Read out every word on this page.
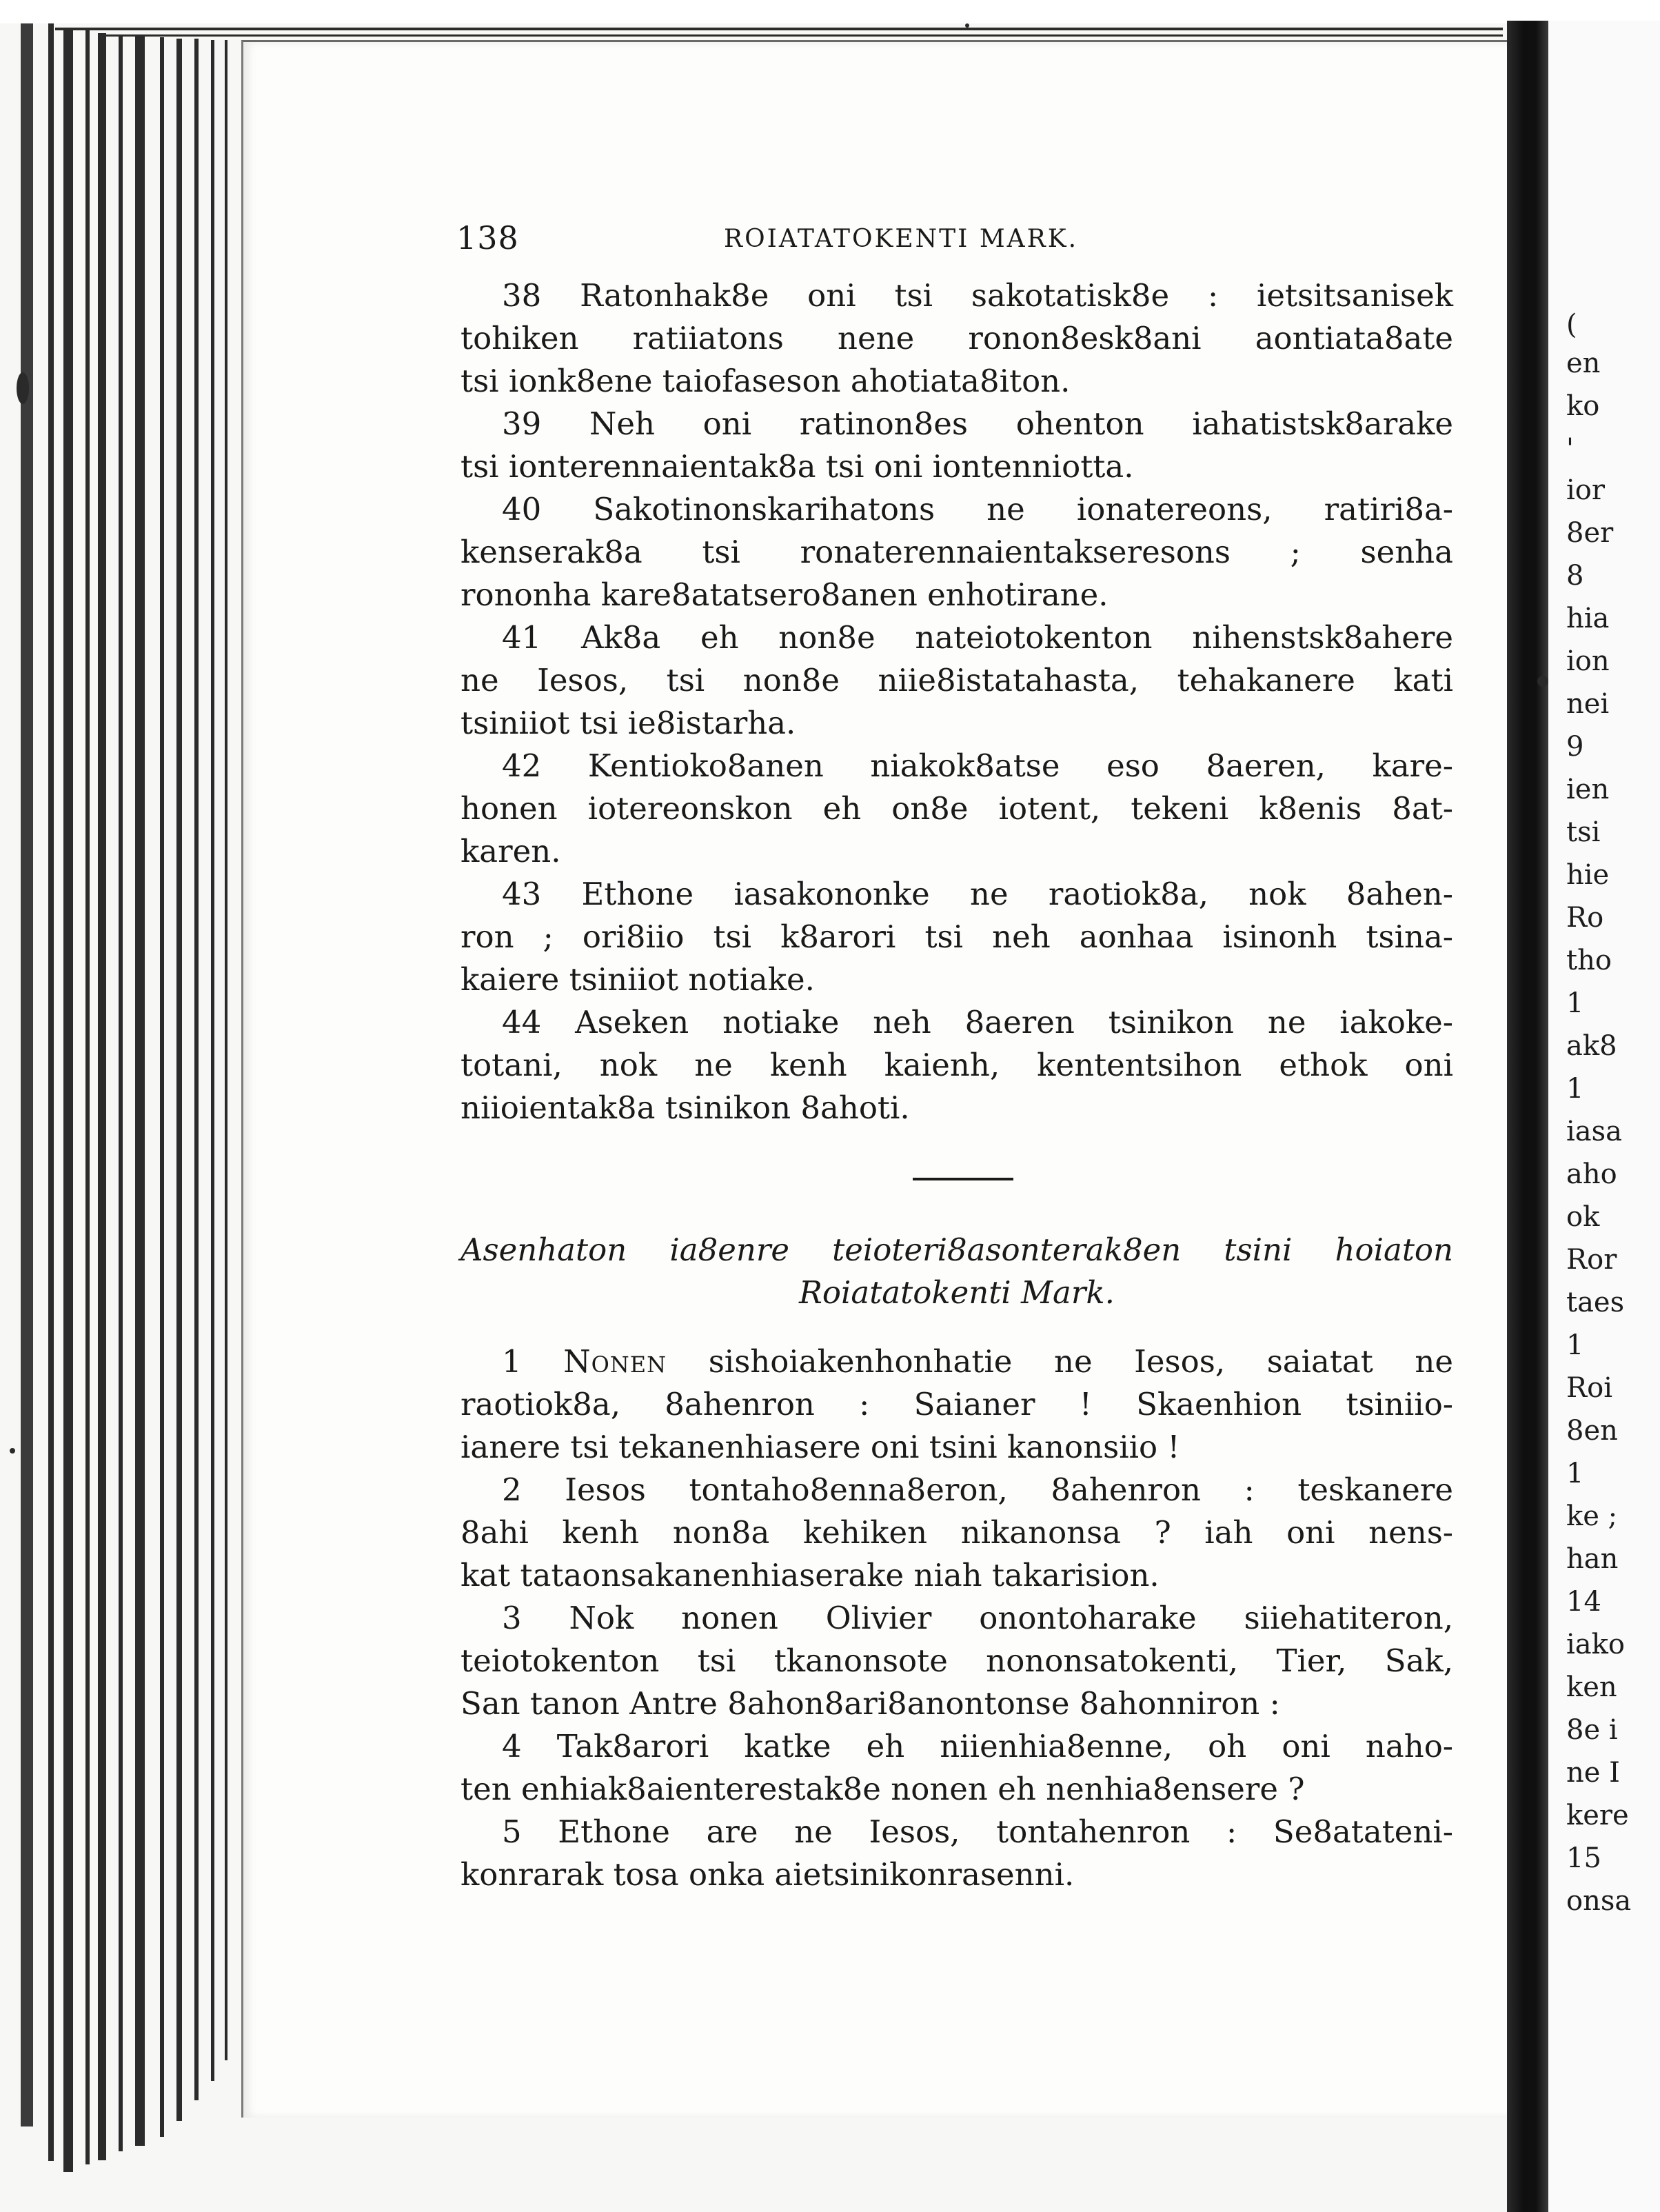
(
en
ko
'
ior
8er
8
hia
ion
nei
9
ien
tsi
hie
Ro
tho
1
ak8
1
iasa
aho
ok
Ror
taes
1
Roi
8en
1
ke ;
han
14
iako
ken
8e i
ne I
kere
15
onsa
138	ROIATATOKENTI MARK.
38 Ratonhak8e oni tsi sakotatisk8e : ietsitsanisek
tohiken ratiiatons nene ronon8esk8ani aontiata8ate
tsi ionk8ene taiofaseson ahotiata8iton.
39 Neh oni ratinon8es ohenton iahatistsk8arake
tsi ionterennaientak8a tsi oni iontenniotta.
40 Sakotinonskarihatons ne ionatereons, ratiri8a-
kenserak8a tsi ronaterennaientakseresons ; senha
rononha kare8atatsero8anen enhotirane.
41 Ak8a eh non8e nateiotokenton nihenstsk8ahere
ne Iesos, tsi non8e niie8istatahasta, tehakanere kati
tsiniiot tsi ie8istarha.
42 Kentioko8anen niakok8atse eso 8aeren, kare-
honen iotereonskon eh on8e iotent, tekeni k8enis 8at-
karen.
43 Ethone iasakononke ne raotiok8a, nok 8ahen-
ron ; ori8iio tsi k8arori tsi neh aonhaa isinonh tsina-
kaiere tsiniiot notiake.
44 Aseken notiake neh 8aeren tsinikon ne iakoke-
totani, nok ne kenh kaienh, kententsihon ethok oni
niioientak8a tsinikon 8ahoti.
Asenhaton ia8enre teioteri8asonterak8en tsini hoiaton
Roiatatokenti Mark.
1 Nonen sishoiakenhonhatie ne Iesos, saiatat ne
raotiok8a, 8ahenron : Saianer ! Skaenhion tsiniio-
ianere tsi tekanenhiasere oni tsini kanonsiio !
2 Iesos tontaho8enna8eron, 8ahenron : teskanere
8ahi kenh non8a kehiken nikanonsa ? iah oni nens-
kat tataonsakanenhiaserake niah takarision.
3 Nok nonen Olivier onontoharake siiehatiteron,
teiotokenton tsi tkanonsote nononsatokenti, Tier, Sak,
San tanon Antre 8ahon8ari8anontonse 8ahonniron :
4 Tak8arori katke eh niienhia8enne, oh oni naho-
ten enhiak8aienterestak8e nonen eh nenhia8ensere ?
5 Ethone are ne Iesos, tontahenron : Se8atateni-
konrarak tosa onka aietsinikonrasenni.
